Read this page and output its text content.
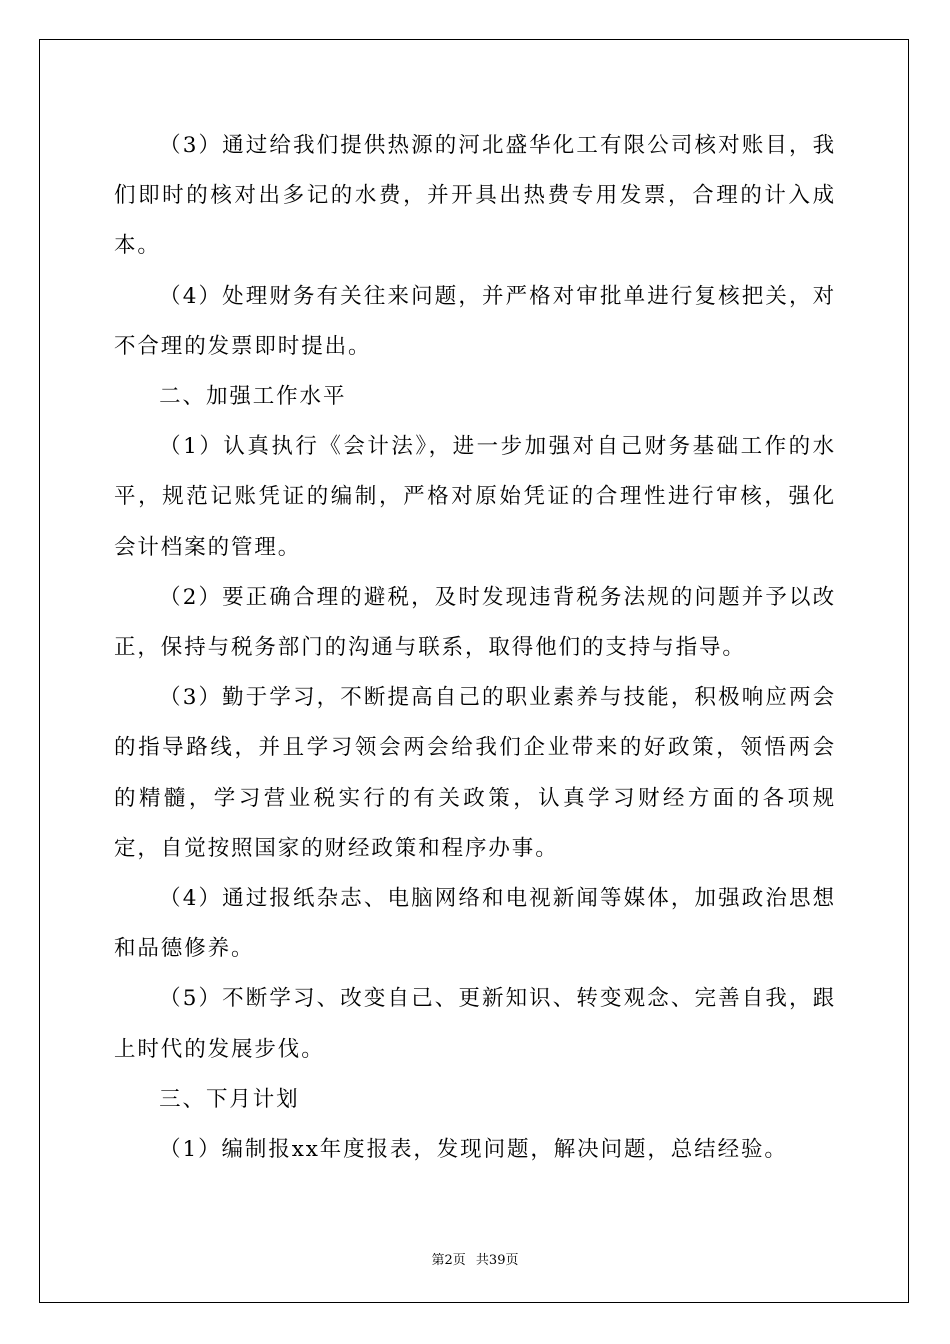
（3）通过给我们提供热源的河北盛华化工有限公司核对账目，我们即时的核对出多记的水费，并开具出热费专用发票，合理的计入成本。

（4）处理财务有关往来问题，并严格对审批单进行复核把关，对不合理的发票即时提出。

二、加强工作水平

（1）认真执行《会计法》，进一步加强对自己财务基础工作的水平，规范记账凭证的编制，严格对原始凭证的合理性进行审核，强化会计档案的管理。

（2）要正确合理的避税，及时发现违背税务法规的问题并予以改正，保持与税务部门的沟通与联系，取得他们的支持与指导。

（3）勤于学习，不断提高自己的职业素养与技能，积极响应两会的指导路线，并且学习领会两会给我们企业带来的好政策，领悟两会的精髓，学习营业税实行的有关政策，认真学习财经方面的各项规定，自觉按照国家的财经政策和程序办事。

（4）通过报纸杂志、电脑网络和电视新闻等媒体，加强政治思想和品德修养。

（5）不断学习、改变自己、更新知识、转变观念、完善自我，跟上时代的发展步伐。

三、下月计划

（1）编制报xx年度报表，发现问题，解决问题，总结经验。

第2页 共39页
